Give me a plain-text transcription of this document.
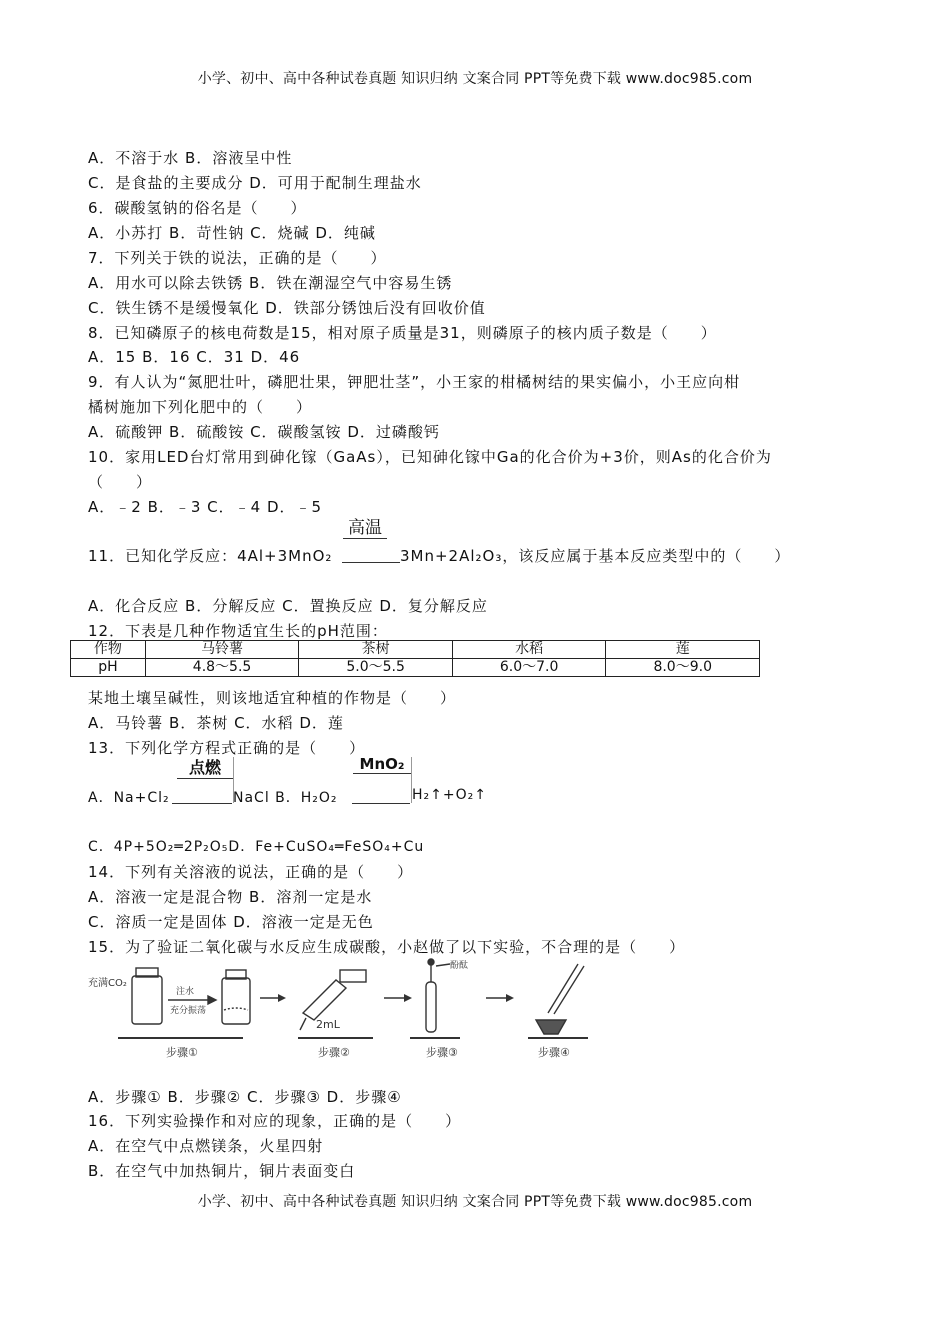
小学、初中、高中各种试卷真题 知识归纳 文案合同 PPT等免费下载 www.doc985.com
A．不溶于水 B．溶液呈中性
C．是食盐的主要成分 D．可用于配制生理盐水
6．碳酸氢钠的俗名是（　　）
A．小苏打 B．苛性钠 C．烧碱 D．纯碱
7．下列关于铁的说法，正确的是（　　）
A．用水可以除去铁锈 B．铁在潮湿空气中容易生锈
C．铁生锈不是缓慢氧化 D．铁部分锈蚀后没有回收价值
8．已知磷原子的核电荷数是15，相对原子质量是31，则磷原子的核内质子数是（　　）
A．15 B．16 C．31 D．46
9．有人认为“氮肥壮叶，磷肥壮果，钾肥壮茎”，小王家的柑橘树结的果实偏小，小王应向柑
橘树施加下列化肥中的（　　）
A．硫酸钾 B．硫酸铵 C．碳酸氢铵 D．过磷酸钙
10．家用LED台灯常用到砷化镓（GaAs），已知砷化镓中Ga的化合价为+3价，则As的化合价为
（　　）
A．﹣2 B．﹣3 C．﹣4 D．﹣5
高温
11．已知化学反应：4Al+3MnO₂	3Mn+2Al₂O₃，该反应属于基本反应类型中的（　　）
A．化合反应 B．分解反应 C．置换反应 D．复分解反应
12．下表是几种作物适宜生长的pH范围：
作物	马铃薯	茶树	水稻	莲
pH	4.8～5.5	5.0～5.5	6.0～7.0	8.0～9.0
某地土壤呈碱性，则该地适宜种植的作物是（　　）
A．马铃薯 B．茶树 C．水稻 D．莲
13．下列化学方程式正确的是（　　）
点燃	MnO₂
A．Na+Cl₂	NaCl B．H₂O₂	H₂↑+O₂↑
C．4P+5O₂═2P₂O₅D．Fe+CuSO₄═FeSO₄+Cu
14．下列有关溶液的说法，正确的是（　　）
A．溶液一定是混合物 B．溶剂一定是水
C．溶质一定是固体 D．溶液一定是无色
15．为了验证二氧化碳与水反应生成碳酸，小赵做了以下实验，不合理的是（　　）
充满CO₂
注水
充分振荡
步骤①
2mL
步骤②
酚酞
步骤③	步骤④
A．步骤① B．步骤② C．步骤③ D．步骤④
16．下列实验操作和对应的现象，正确的是（　　）
A．在空气中点燃镁条，火星四射
B．在空气中加热铜片，铜片表面变白
小学、初中、高中各种试卷真题 知识归纳 文案合同 PPT等免费下载 www.doc985.com
